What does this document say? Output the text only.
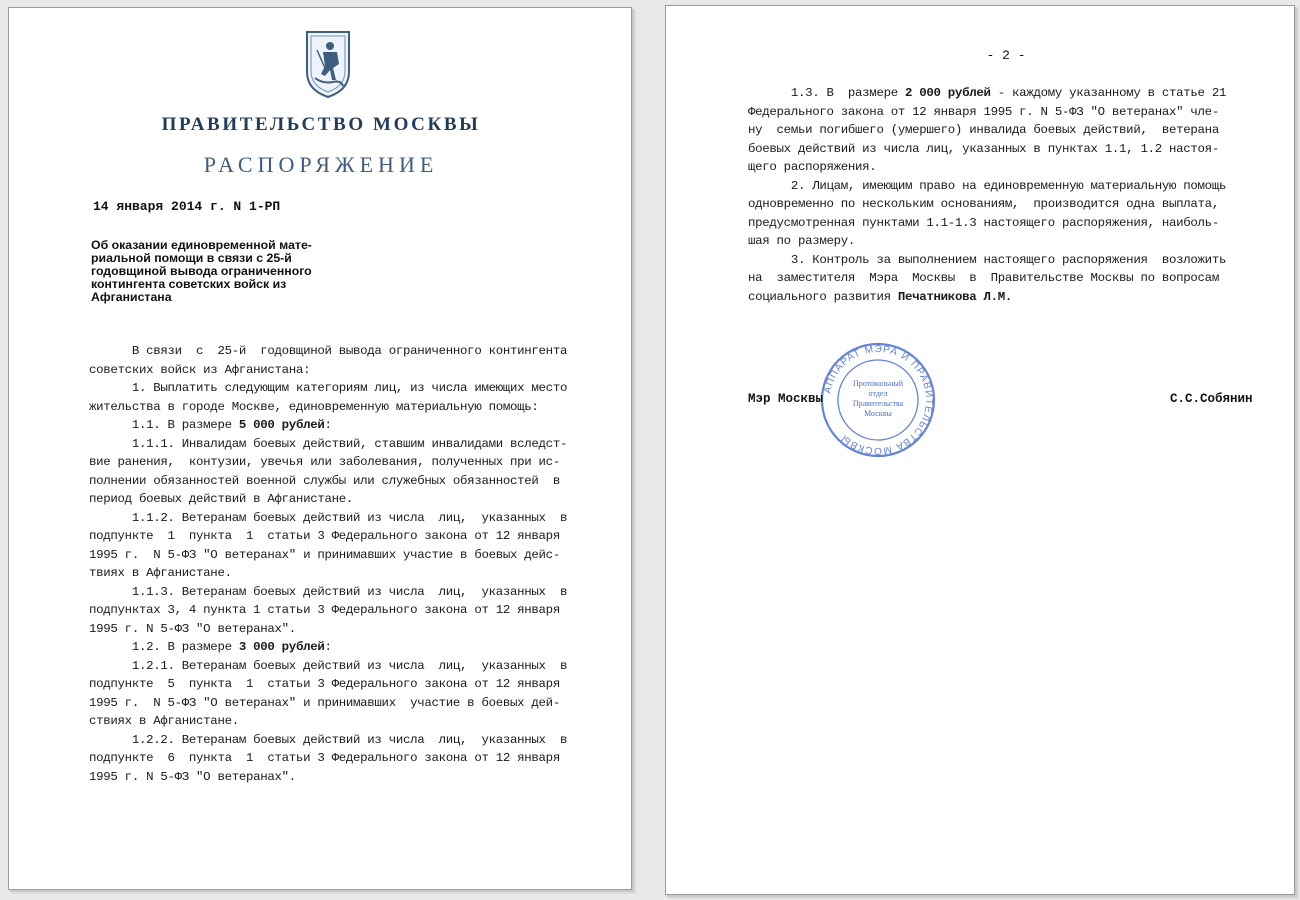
ПРАВИТЕЛЬСТВО МОСКВЫ
РАСПОРЯЖЕНИЕ
14 января 2014 г. N 1-РП
Об оказании единовременной мате-
риальной помощи в связи с 25-й
годовщиной вывода ограниченного
контингента советских войск из
Афганистана
В связи  с  25-й  годовщиной вывода ограниченного контингента
советских войск из Афганистана:
1. Выплатить следующим категориям лиц, из числа имеющих место
жительства в городе Москве, единовременную материальную помощь:
1.1. В размере 5 000 рублей:
1.1.1. Инвалидам боевых действий, ставшим инвалидами вследст-
вие ранения,  контузии, увечья или заболевания, полученных при ис-
полнении обязанностей военной службы или служебных обязанностей  в
период боевых действий в Афганистане.
1.1.2. Ветеранам боевых действий из числа  лиц,  указанных  в
подпункте  1  пункта  1  статьи 3 Федерального закона от 12 января
1995 г.  N 5-ФЗ "О ветеранах" и принимавших участие в боевых дейс-
твиях в Афганистане.
1.1.3. Ветеранам боевых действий из числа  лиц,  указанных  в
подпунктах 3, 4 пункта 1 статьи 3 Федерального закона от 12 января
1995 г. N 5-ФЗ "О ветеранах".
1.2. В размере 3 000 рублей:
1.2.1. Ветеранам боевых действий из числа  лиц,  указанных  в
подпункте  5  пункта  1  статьи 3 Федерального закона от 12 января
1995 г.  N 5-ФЗ "О ветеранах" и принимавших  участие в боевых дей-
ствиях в Афганистане.
1.2.2. Ветеранам боевых действий из числа  лиц,  указанных  в
подпункте  6  пункта  1  статьи 3 Федерального закона от 12 января
1995 г. N 5-ФЗ "О ветеранах".
- 2 -
1.3. В  размере 2 000 рублей - каждому указанному в статье 21
Федерального закона от 12 января 1995 г. N 5-ФЗ "О ветеранах" чле-
ну  семьи погибшего (умершего) инвалида боевых действий,  ветерана
боевых действий из числа лиц, указанных в пунктах 1.1, 1.2 настоя-
щего распоряжения.
2. Лицам, имеющим право на единовременную материальную помощь
одновременно по нескольким основаниям,  производится одна выплата,
предусмотренная пунктами 1.1-1.3 настоящего распоряжения, наиболь-
шая по размеру.
3. Контроль за выполнением настоящего распоряжения  возложить
на  заместителя  Мэра  Москвы  в  Правительстве Москвы по вопросам
социального развития Печатникова Л.М.
АППАРАТ МЭРА И ПРАВИТЕЛЬСТВА МОСКВЫ
Протокольный
отдел
Правительства
Москвы
Мэр Москвы	С.С.Собянин
